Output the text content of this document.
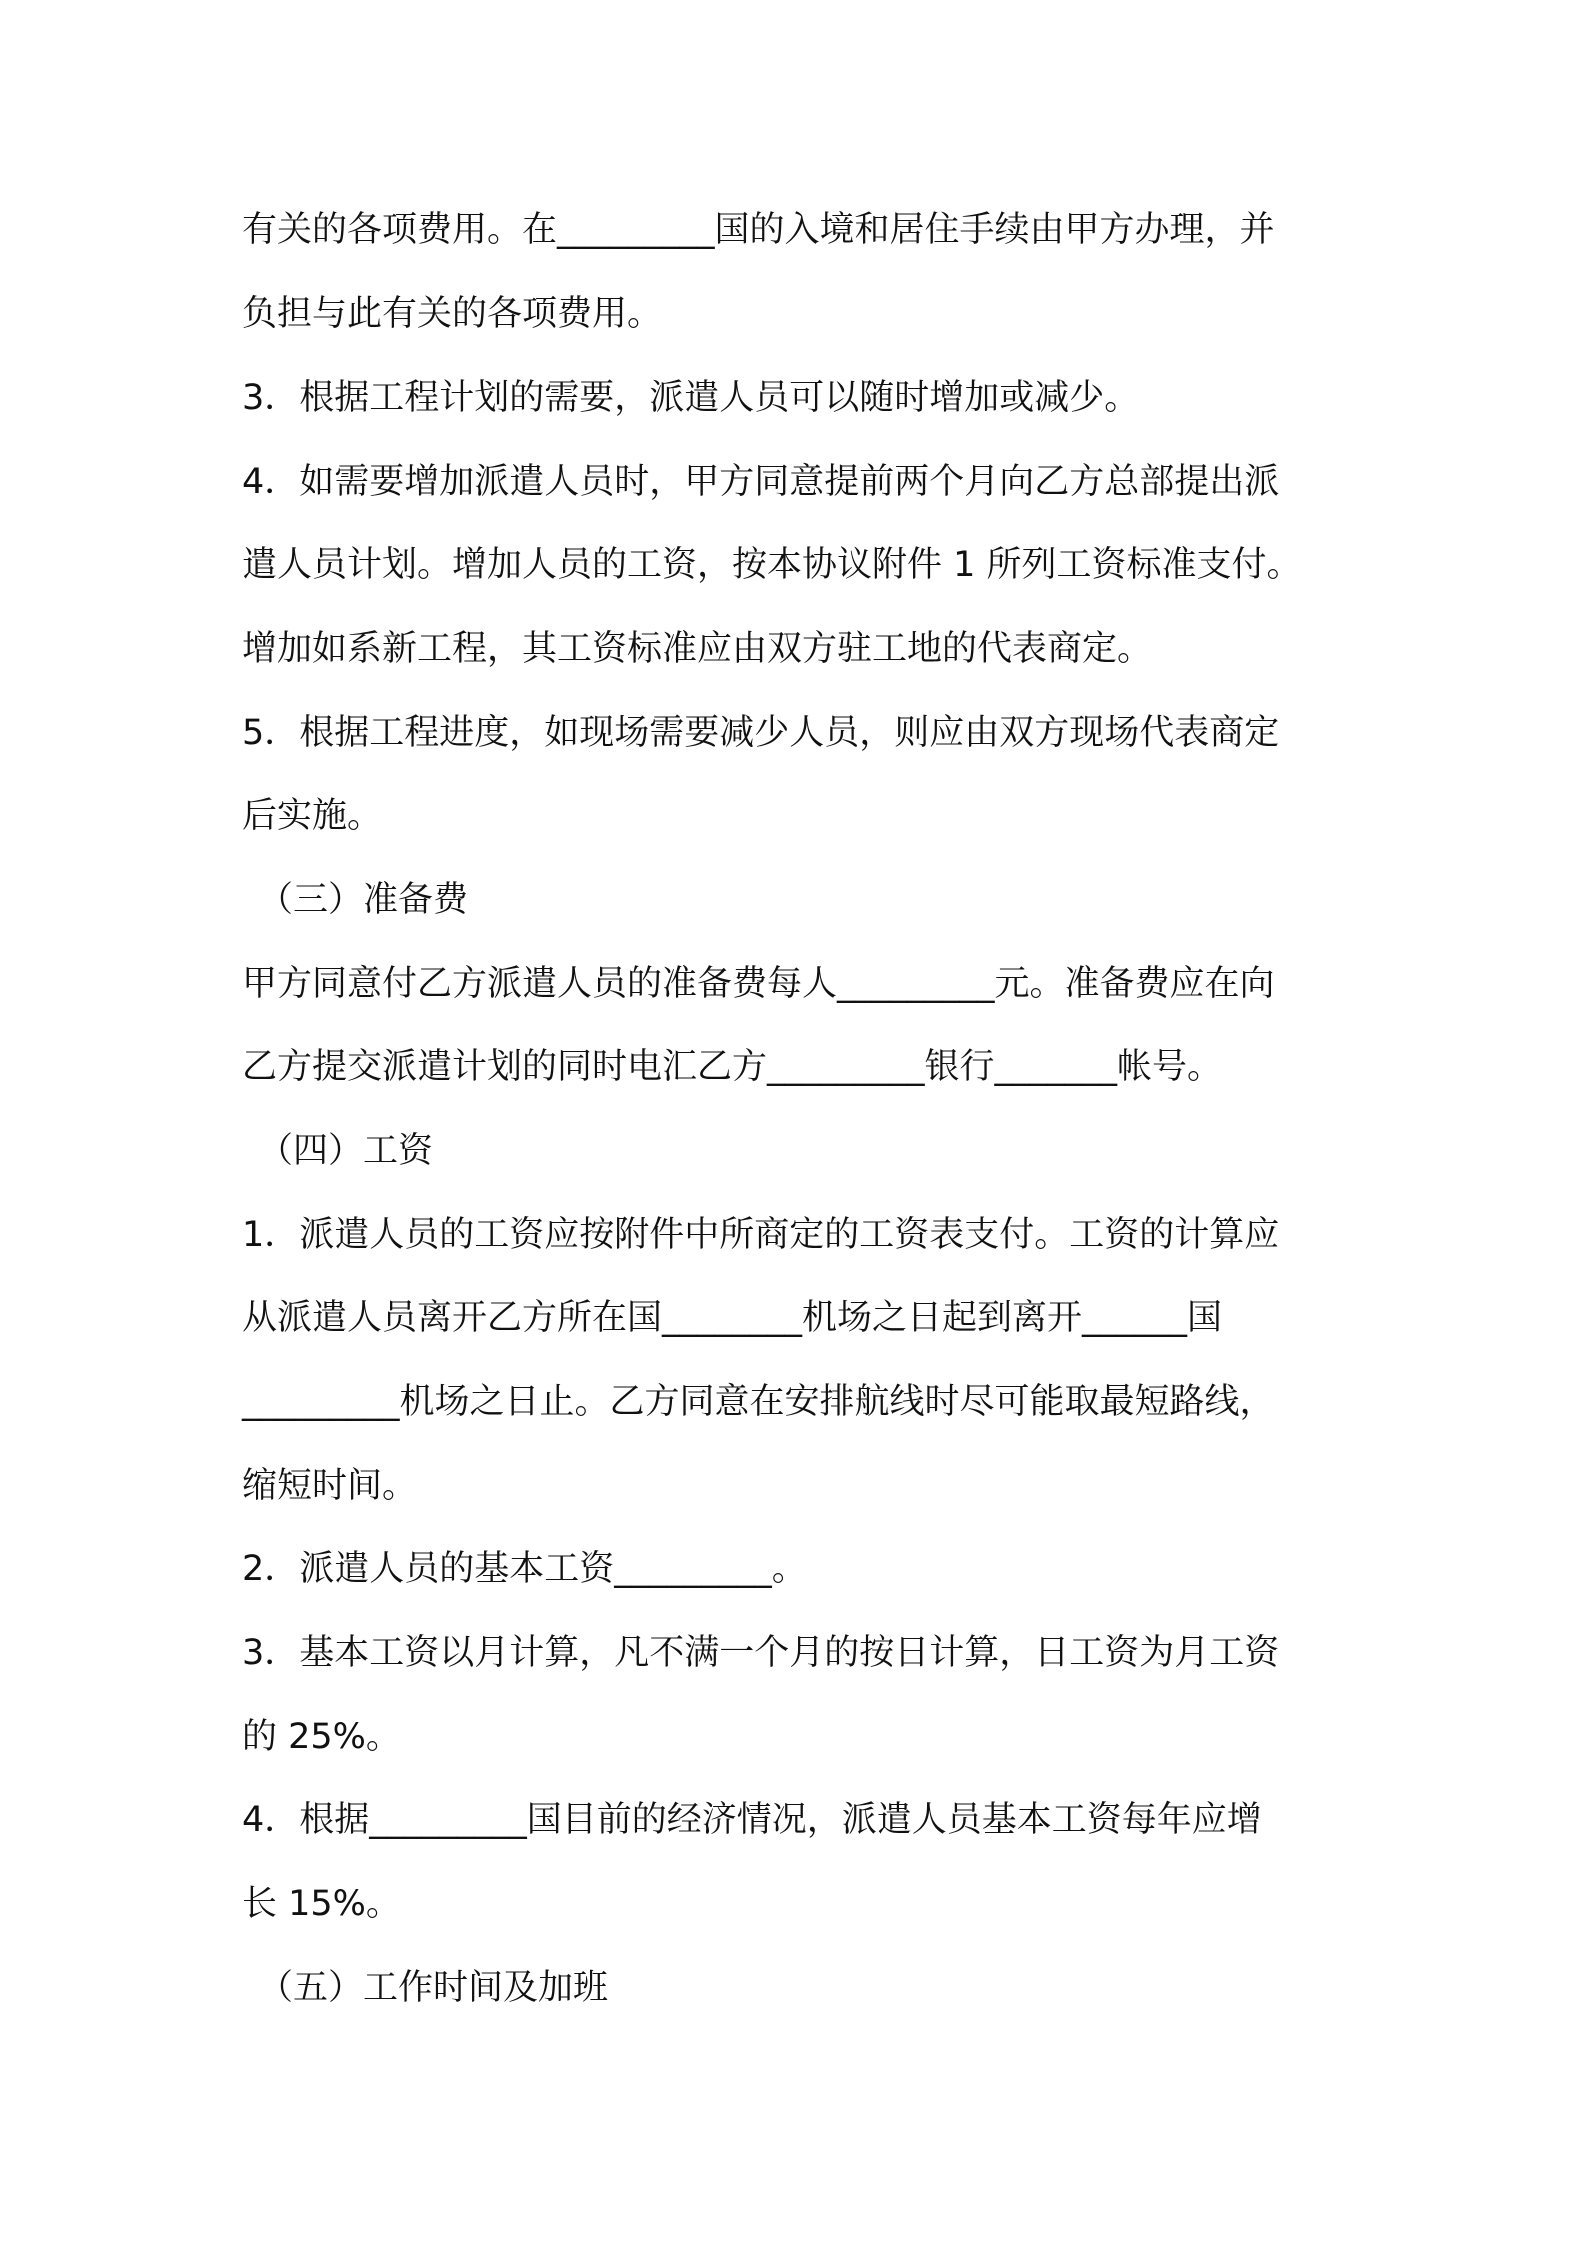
有关的各项费用。在_________国的入境和居住手续由甲方办理，并
负担与此有关的各项费用。
3．根据工程计划的需要，派遣人员可以随时增加或减少。
4．如需要增加派遣人员时，甲方同意提前两个月向乙方总部提出派
遣人员计划。增加人员的工资，按本协议附件 1 所列工资标准支付。
增加如系新工程，其工资标准应由双方驻工地的代表商定。
5．根据工程进度，如现场需要减少人员，则应由双方现场代表商定
后实施。
（三）准备费
甲方同意付乙方派遣人员的准备费每人_________元。准备费应在向
乙方提交派遣计划的同时电汇乙方_________银行_______帐号。
（四）工资
1．派遣人员的工资应按附件中所商定的工资表支付。工资的计算应
从派遣人员离开乙方所在国________机场之日起到离开______国
_________机场之日止。乙方同意在安排航线时尽可能取最短路线，
缩短时间。
2．派遣人员的基本工资_________。
3．基本工资以月计算，凡不满一个月的按日计算，日工资为月工资
的 25%。
4．根据_________国目前的经济情况，派遣人员基本工资每年应增
长 15%。
（五）工作时间及加班
